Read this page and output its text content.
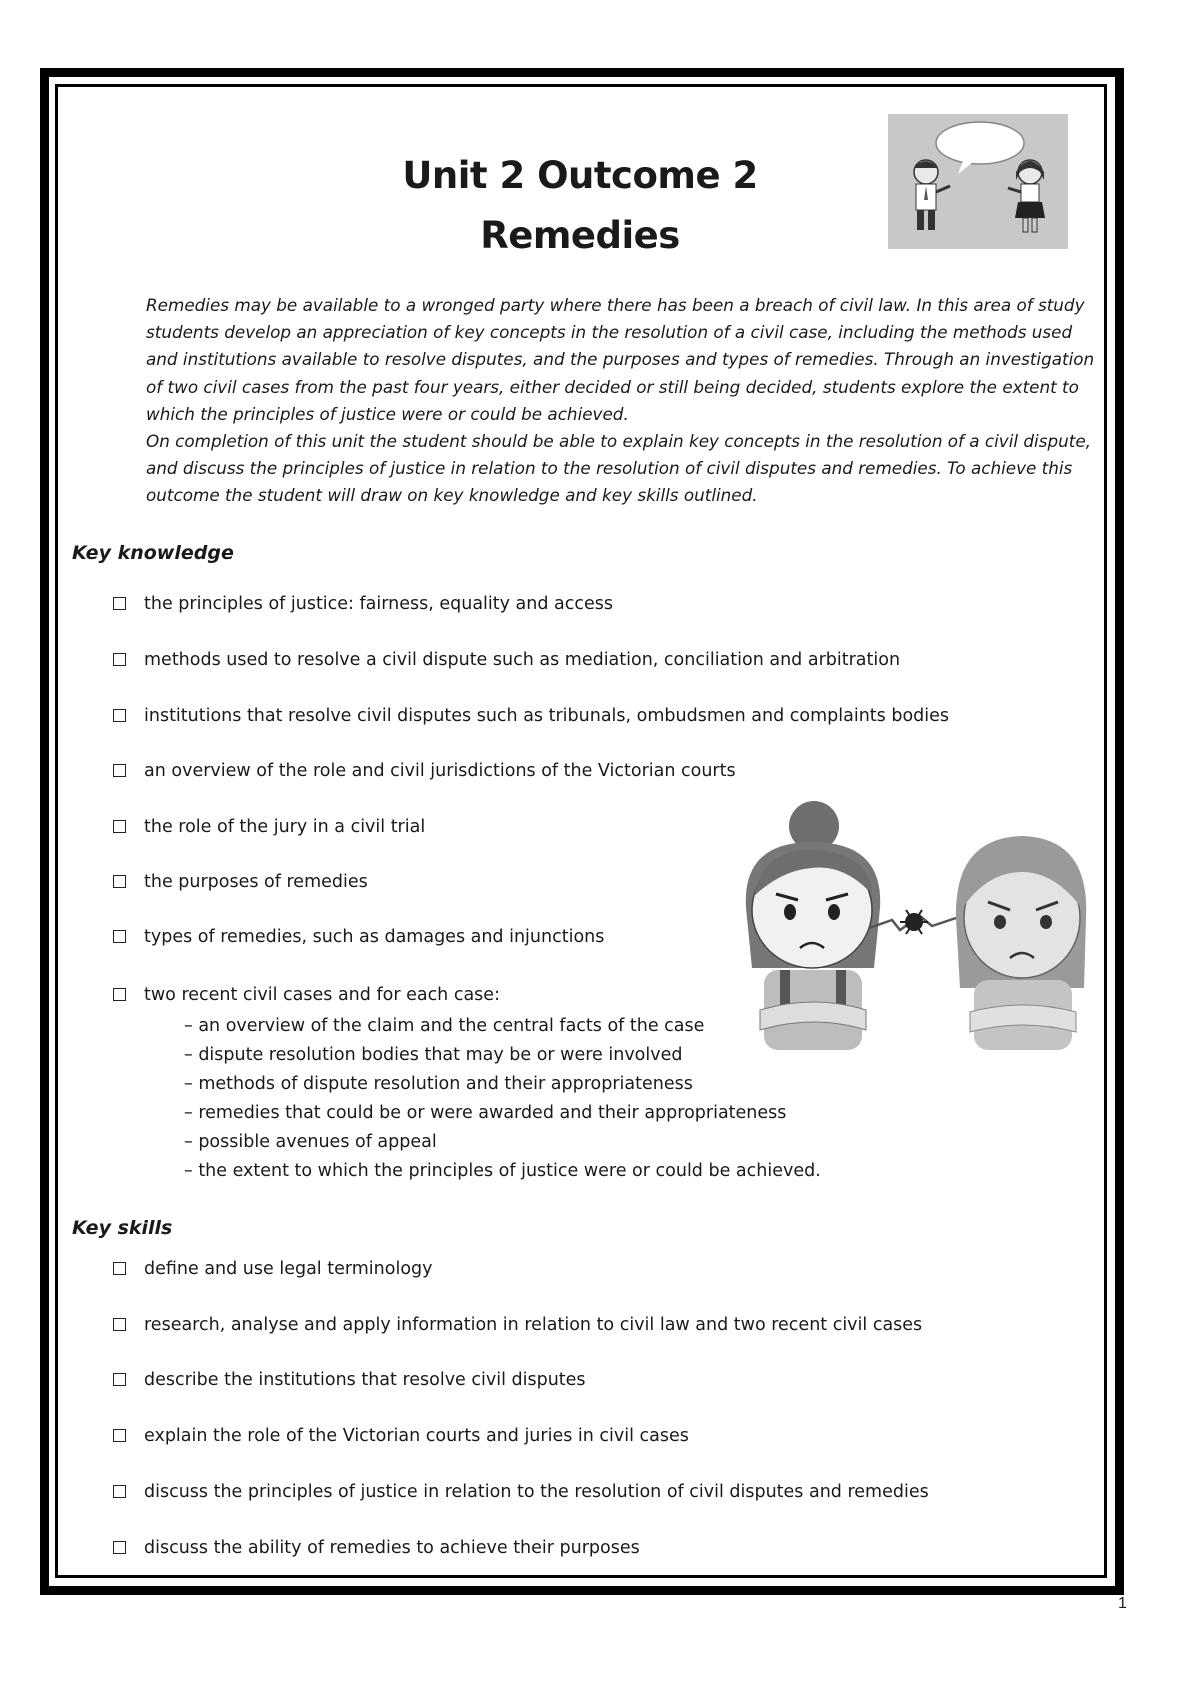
Unit 2 Outcome 2
Remedies

Remedies may be available to a wronged party where there has been a breach of civil law. In this area of study students develop an appreciation of key concepts in the resolution of a civil case, including the methods used and institutions available to resolve disputes, and the purposes and types of remedies. Through an investigation of two civil cases from the past four years, either decided or still being decided, students explore the extent to which the principles of justice were or could be achieved.

On completion of this unit the student should be able to explain key concepts in the resolution of a civil dispute, and discuss the principles of justice in relation to the resolution of civil disputes and remedies. To achieve this outcome the student will draw on key knowledge and key skills outlined.

Key knowledge
the principles of justice: fairness, equality and access
methods used to resolve a civil dispute such as mediation, conciliation and arbitration
institutions that resolve civil disputes such as tribunals, ombudsmen and complaints bodies
an overview of the role and civil jurisdictions of the Victorian courts
the role of the jury in a civil trial
the purposes of remedies
types of remedies, such as damages and injunctions
two recent civil cases and for each case:
– an overview of the claim and the central facts of the case
– dispute resolution bodies that may be or were involved
– methods of dispute resolution and their appropriateness
– remedies that could be or were awarded and their appropriateness
– possible avenues of appeal
– the extent to which the principles of justice were or could be achieved.
Key skills
define and use legal terminology
research, analyse and apply information in relation to civil law and two recent civil cases
describe the institutions that resolve civil disputes
explain the role of the Victorian courts and juries in civil cases
discuss the principles of justice in relation to the resolution of civil disputes and remedies
discuss the ability of remedies to achieve their purposes
1
